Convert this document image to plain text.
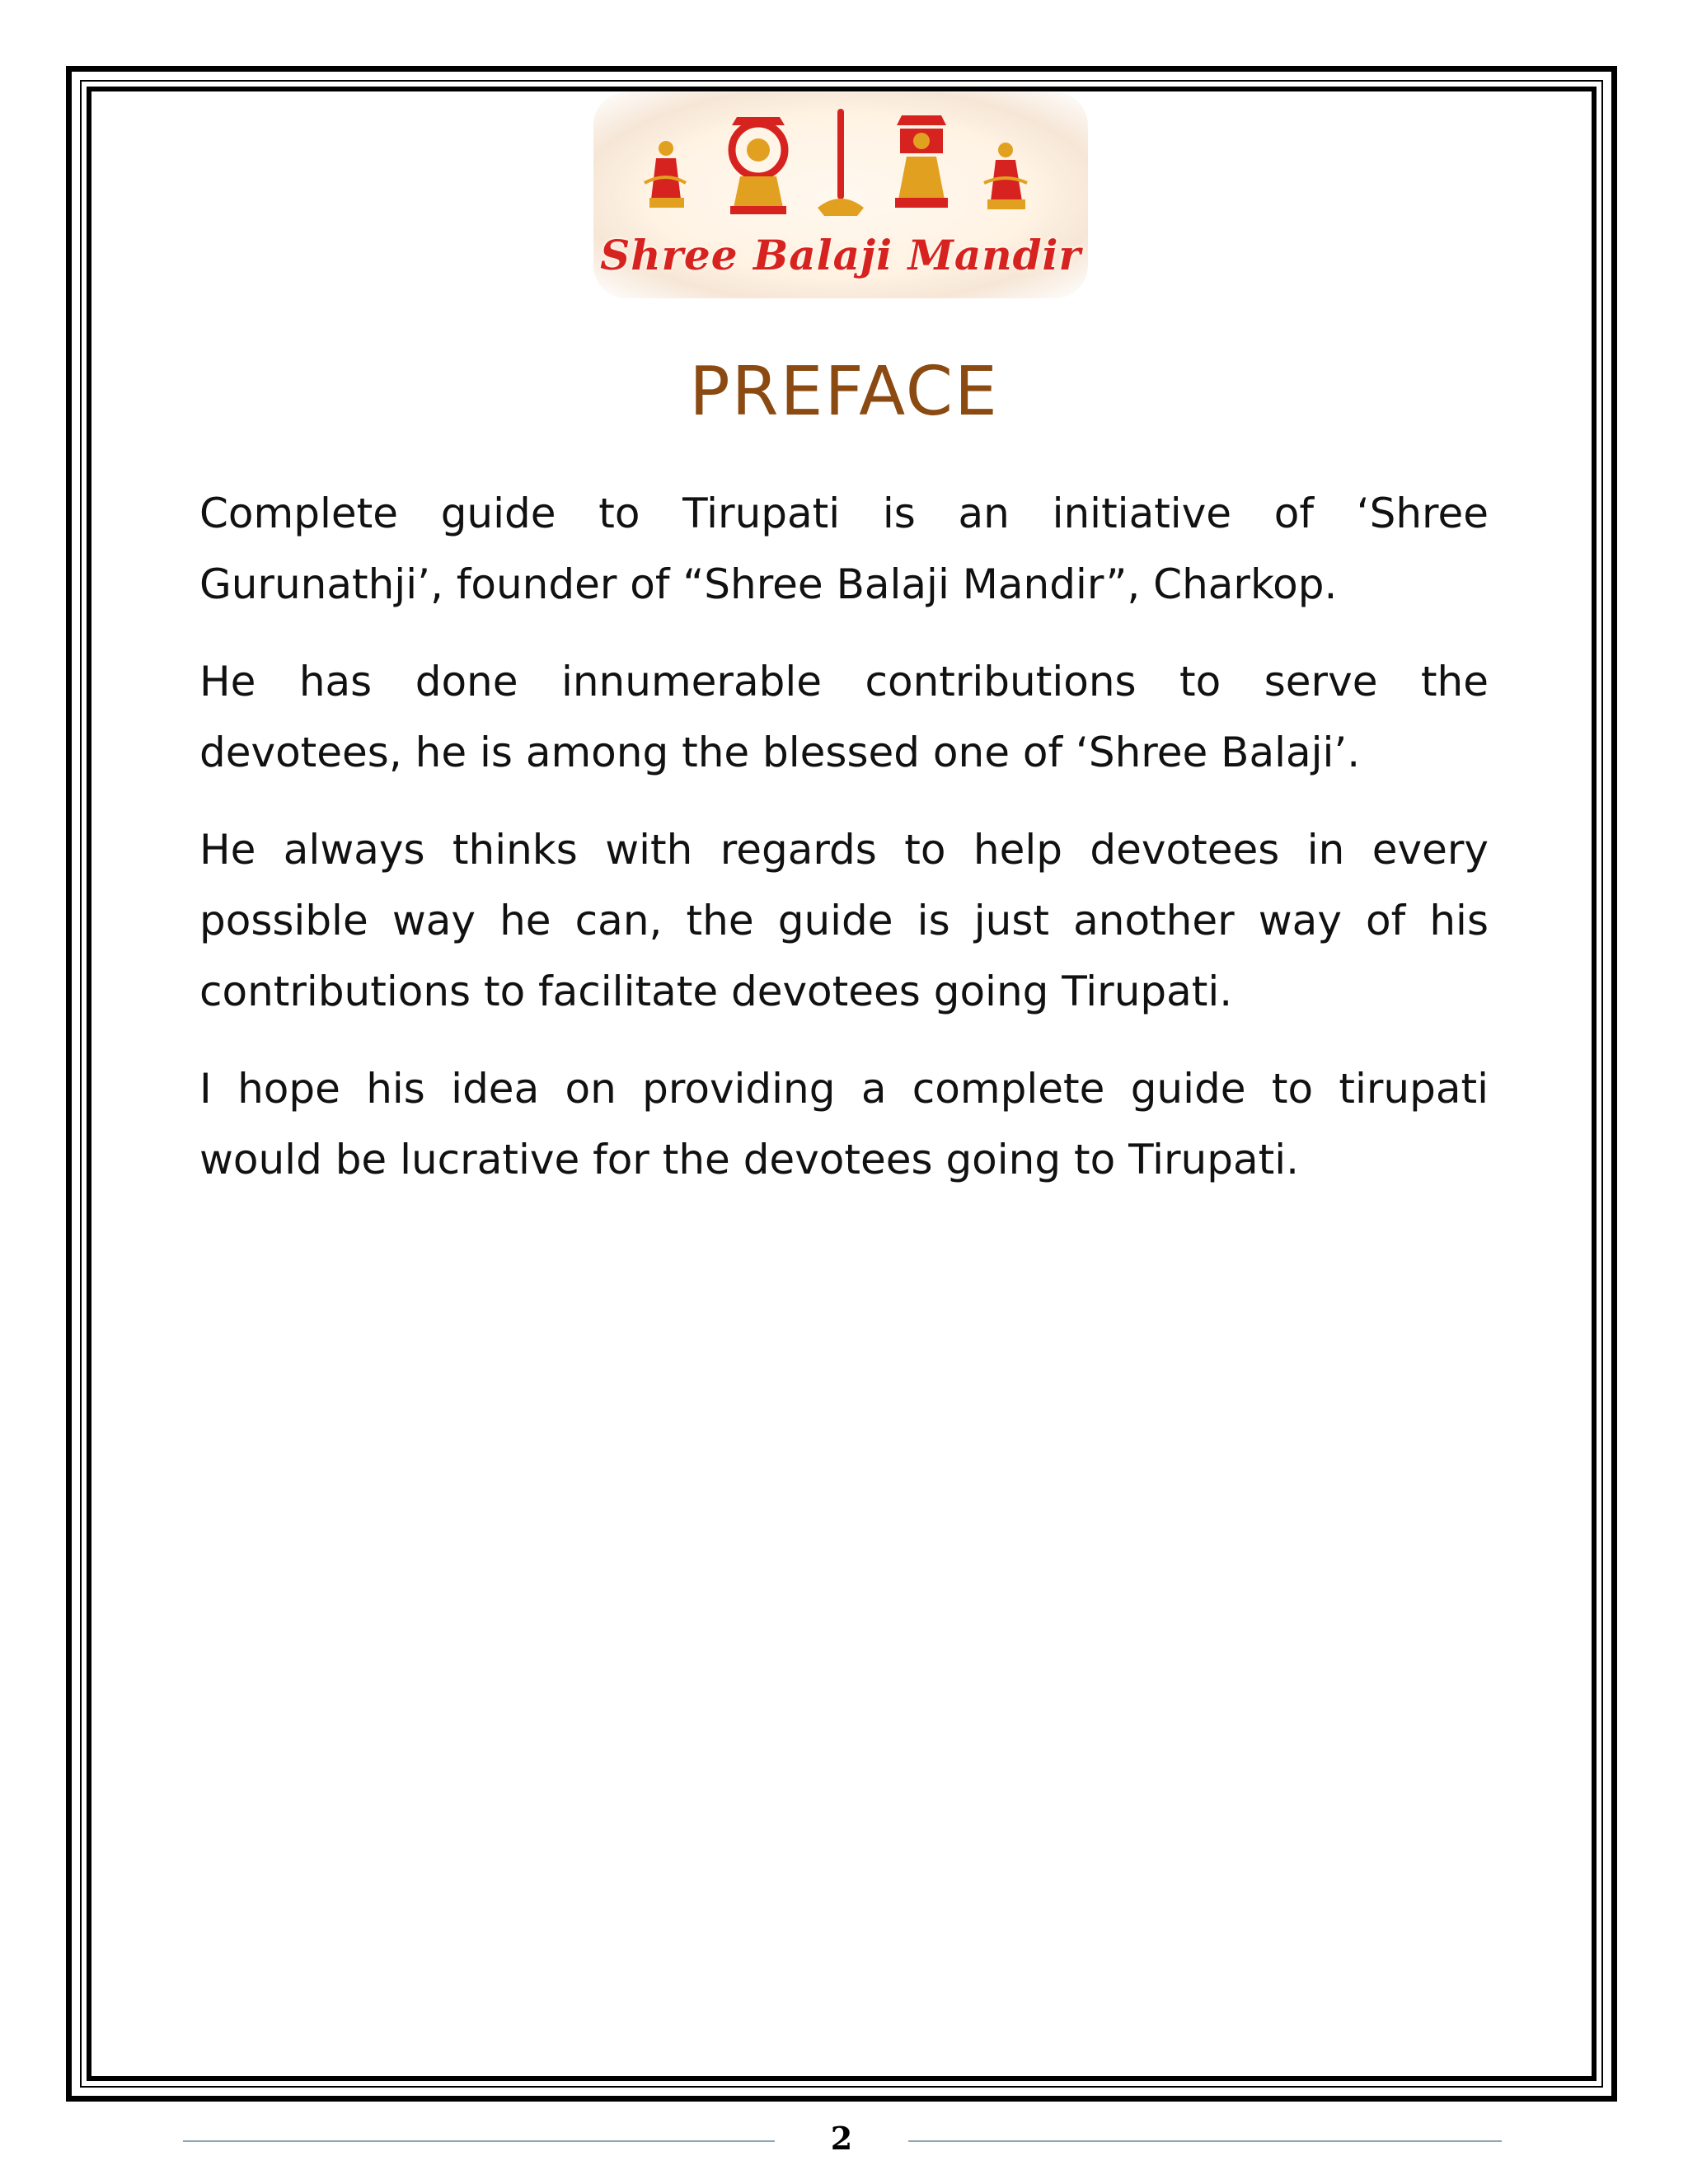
Shree Balaji Mandir
PREFACE

Complete guide to Tirupati is an initiative of ‘Shree Gurunathji’, founder of “Shree Balaji Mandir”, Charkop.

He has done innumerable contributions to serve the devotees, he is among the blessed one of ‘Shree Balaji’.

He always thinks with regards to help devotees in every possible way he can, the guide is just another way of his contributions to facilitate devotees going Tirupati.

I hope his idea on providing a complete guide to tirupati would be lucrative for the devotees going to Tirupati.

2
